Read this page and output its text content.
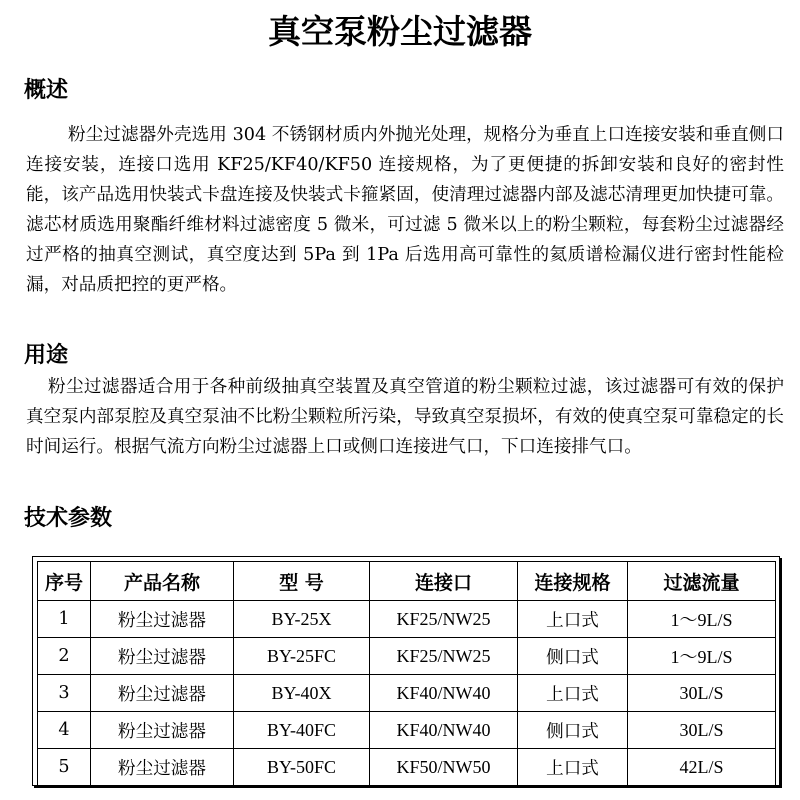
真空泵粉尘过滤器
概述

粉尘过滤器外壳选用 304 不锈钢材质内外抛光处理，规格分为垂直上口连接安装和垂直侧口连接安装，连接口选用 KF25/KF40/KF50 连接规格，为了更便捷的拆卸安装和良好的密封性能，该产品选用快装式卡盘连接及快装式卡箍紧固，使清理过滤器内部及滤芯清理更加快捷可靠。滤芯材质选用聚酯纤维材料过滤密度 5 微米，可过滤 5 微米以上的粉尘颗粒，每套粉尘过滤器经过严格的抽真空测试，真空度达到 5Pa 到 1Pa 后选用高可靠性的氦质谱检漏仪进行密封性能检漏，对品质把控的更严格。

用途

粉尘过滤器适合用于各种前级抽真空装置及真空管道的粉尘颗粒过滤，该过滤器可有效的保护真空泵内部泵腔及真空泵油不比粉尘颗粒所污染，导致真空泵损坏，有效的使真空泵可靠稳定的长时间运行。根据气流方向粉尘过滤器上口或侧口连接进气口，下口连接排气口。

技术参数
序号	产品名称	型 号	连接口	连接规格	过滤流量
1	粉尘过滤器	BY-25X	KF25/NW25	上口式	1～9L/S
2	粉尘过滤器	BY-25FC	KF25/NW25	侧口式	1～9L/S
3	粉尘过滤器	BY-40X	KF40/NW40	上口式	30L/S
4	粉尘过滤器	BY-40FC	KF40/NW40	侧口式	30L/S
5	粉尘过滤器	BY-50FC	KF50/NW50	上口式	42L/S
